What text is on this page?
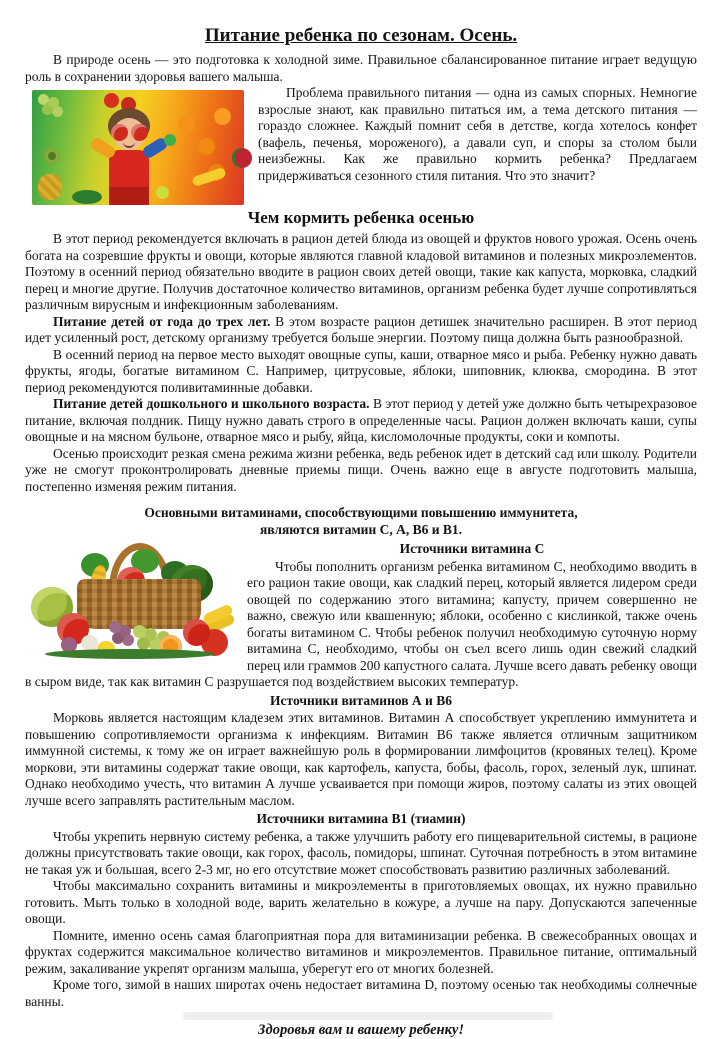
Питание ребенка по сезонам. Осень.

В природе осень — это подготовка к холодной зиме. Правильное сбалансированное питание играет ведущую роль в сохранении здоровья вашего малыша.

Проблема правильного питания — одна из самых спорных. Немногие взрослые знают, как правильно питаться им, а тема детского питания — гораздо сложнее. Каждый помнит себя в детстве, когда хотелось конфет (вафель, печенья, мороженого), а давали суп, и споры за столом были неизбежны. Как же правильно кормить ребенка? Предлагаем придерживаться сезонного стиля питания. Что это значит?

Чем кормить ребенка осенью

В этот период рекомендуется включать в рацион детей блюда из овощей и фруктов нового урожая. Осень очень богата на созревшие фрукты и овощи, которые являются главной кладовой витаминов и полезных микроэлементов. Поэтому в осенний период обязательно вводите в рацион своих детей овощи, такие как капуста, морковка, сладкий перец и многие другие. Получив достаточное количество витаминов, организм ребенка будет лучше сопротивляться различным вирусным и инфекционным заболеваниям.

Питание детей от года до трех лет. В этом возрасте рацион детишек значительно расширен. В этот период идет усиленный рост, детскому организму требуется больше энергии. Поэтому пища должна быть разнообразной.

В осенний период на первое место выходят овощные супы, каши, отварное мясо и рыба. Ребенку нужно давать фрукты, ягоды, богатые витамином С. Например, цитрусовые, яблоки, шиповник, клюква, смородина. В этот период рекомендуются поливитаминные добавки.

Питание детей дошкольного и школьного возраста. В этот период у детей уже должно быть четырехразовое питание, включая полдник. Пищу нужно давать строго в определенные часы. Рацион должен включать каши, супы овощные и на мясном бульоне, отварное мясо и рыбу, яйца, кисломолочные продукты, соки и компоты.

Осенью происходит резкая смена режима жизни ребенка, ведь ребенок идет в детский сад или школу. Родители уже не смогут проконтролировать дневные приемы пищи. Очень важно еще в августе подготовить малыша, постепенно изменяя режим питания.

Основными витаминами, способствующими повышению иммунитета,
являются витамин С, А, В6 и В1.

Источники витамина С

Чтобы пополнить организм ребенка витамином С, необходимо вводить в его рацион такие овощи, как сладкий перец, который является лидером среди овощей по содержанию этого витамина; капусту, причем совершенно не важно, свежую или квашенную; яблоки, особенно с кислинкой, также очень богаты витамином С. Чтобы ребенок получил необходимую суточную норму витамина С, необходимо, чтобы он съел всего лишь один свежий сладкий перец или граммов 200 капустного салата. Лучше всего давать ребенку овощи в сыром виде, так как витамин С разрушается под воздействием высоких температур.

Источники витаминов А и В6

Морковь является настоящим кладезем этих витаминов. Витамин А способствует укреплению иммунитета и повышению сопротивляемости организма к инфекциям. Витамин В6 также является отличным защитником иммунной системы, к тому же он играет важнейшую роль в формировании лимфоцитов (кровяных телец). Кроме моркови, эти витамины содержат такие овощи, как картофель, капуста, бобы, фасоль, горох, зеленый лук, шпинат. Однако необходимо учесть, что витамин А лучше усваивается при помощи жиров, поэтому салаты из этих овощей лучше всего заправлять растительным маслом.

Источники витамина В1 (тиамин)

Чтобы укрепить нервную систему ребенка, а также улучшить работу его пищеварительной системы, в рационе должны присутствовать такие овощи, как горох, фасоль, помидоры, шпинат. Суточная потребность в этом витамине не такая уж и большая, всего 2-3 мг, но его отсутствие может способствовать развитию различных заболеваний.

Чтобы максимально сохранить витамины и микроэлементы в приготовляемых овощах, их нужно правильно готовить. Мыть только в холодной воде, варить желательно в кожуре, а лучше на пару. Допускаются запеченные овощи.

Помните, именно осень самая благоприятная пора для витаминизации ребенка. В свежесобранных овощах и фруктах содержится максимальное количество витаминов и микроэлементов. Правильное питание, оптимальный режим, закаливание укрепят организм малыша, уберегут его от многих болезней.

Кроме того, зимой в наших широтах очень недостает витамина D, поэтому осенью так необходимы солнечные ванны.

Здоровья вам и вашему ребенку!
